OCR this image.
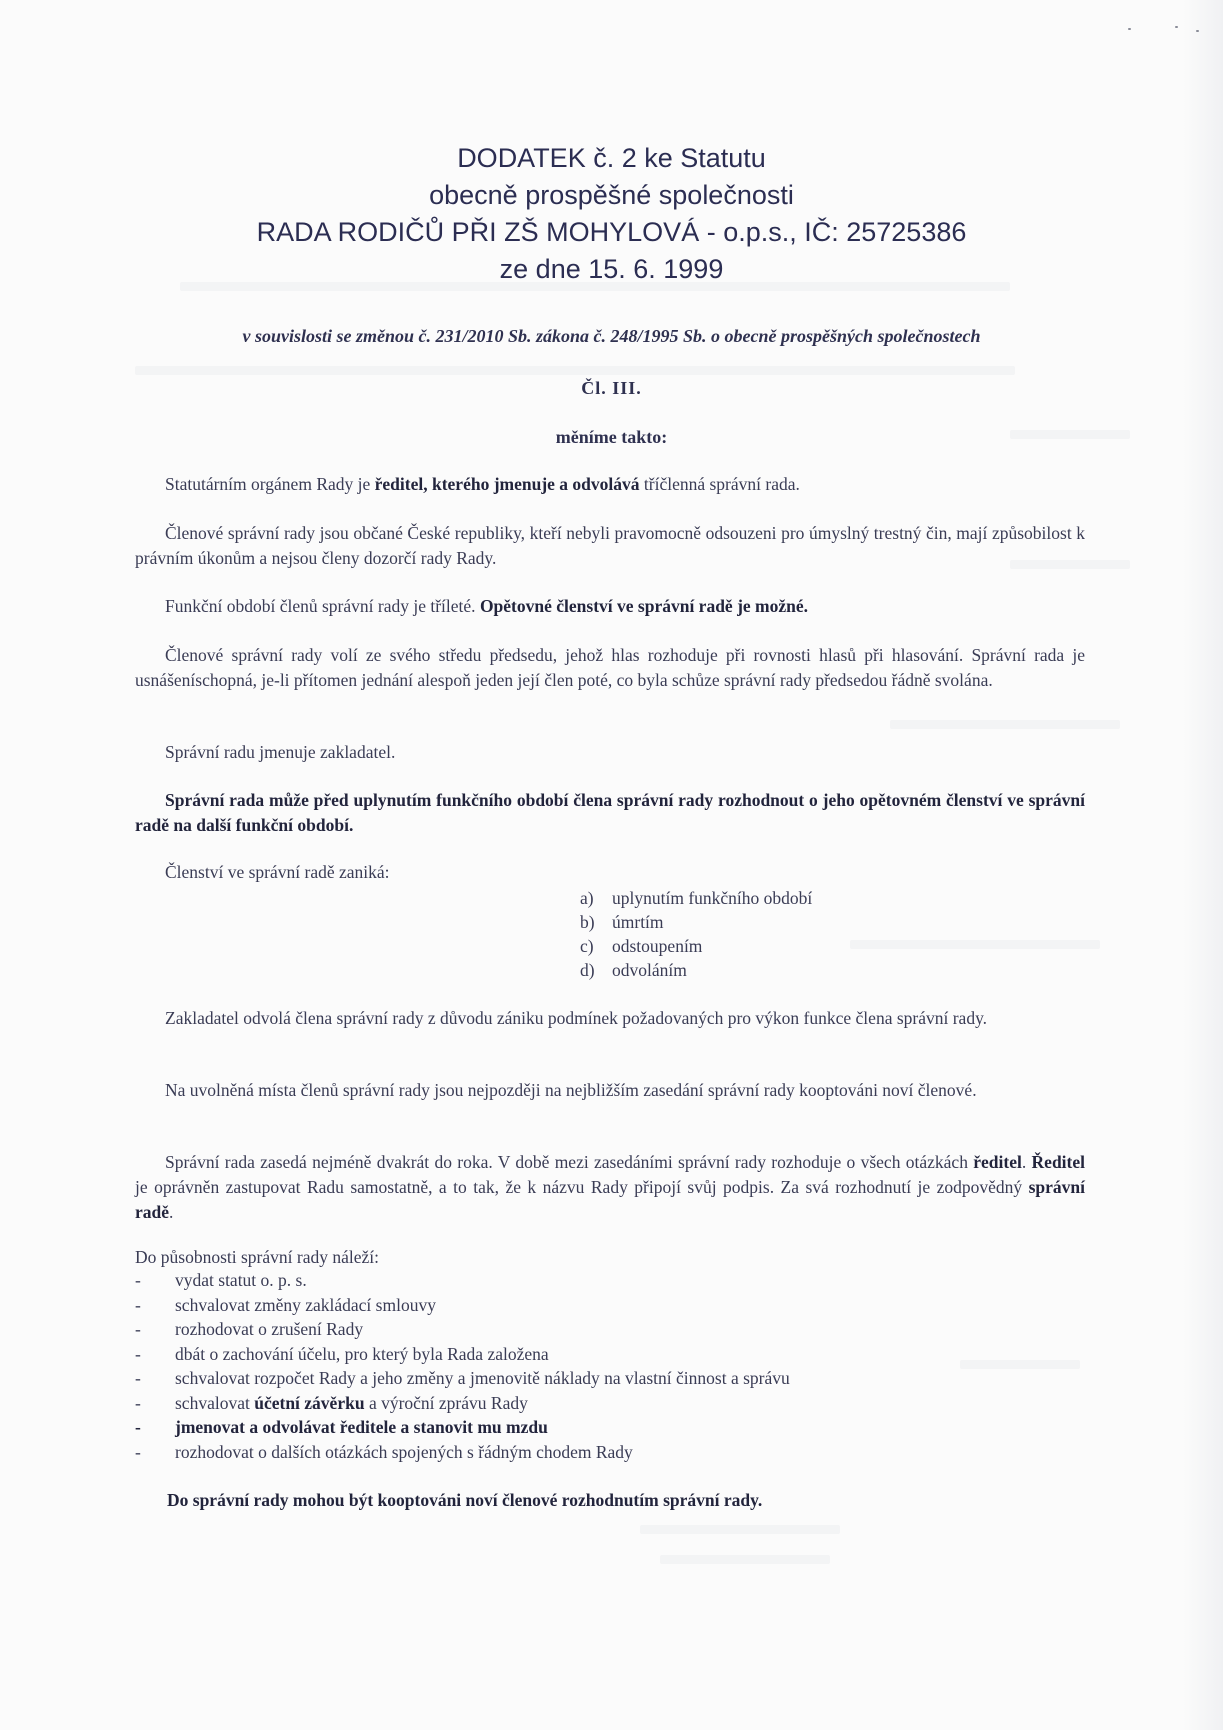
DODATEK č. 2 ke Statutu
obecně prospěšné společnosti
RADA RODIČŮ PŘI ZŠ MOHYLOVÁ - o.p.s., IČ: 25725386
ze dne 15. 6. 1999
v souvislosti se změnou č. 231/2010 Sb. zákona č. 248/1995 Sb. o obecně prospěšných společnostech
Čl. III.
měníme takto:
Statutárním orgánem Rady je ředitel, kterého jmenuje a odvolává tříčlenná správní rada.
Členové správní rady jsou občané České republiky, kteří nebyli pravomocně odsouzeni pro úmyslný trestný čin, mají způsobilost k právním úkonům a nejsou členy dozorčí rady Rady.
Funkční období členů správní rady je tříleté. Opětovné členství ve správní radě je možné.
Členové správní rady volí ze svého středu předsedu, jehož hlas rozhoduje při rovnosti hlasů při hlasování. Správní rada je usnášeníschopná, je-li přítomen jednání alespoň jeden její člen poté, co byla schůze správní rady předsedou řádně svolána.
Správní radu jmenuje zakladatel.
Správní rada může před uplynutím funkčního období člena správní rady rozhodnout o jeho opětovném členství ve správní radě na další funkční období.
Členství ve správní radě zaniká:
a)	uplynutím funkčního období
b) úmrtím
c)	odstoupením
d) odvoláním
Zakladatel odvolá člena správní rady z důvodu zániku podmínek požadovaných pro výkon funkce člena správní rady.
Na uvolněná místa členů správní rady jsou nejpozději na nejbližším zasedání správní rady kooptováni noví členové.
Správní rada zasedá nejméně dvakrát do roka. V době mezi zasedáními správní rady rozhoduje o všech otázkách ředitel. Ředitel je oprávněn zastupovat Radu samostatně, a to tak, že k názvu Rady připojí svůj podpis. Za svá rozhodnutí je zodpovědný správní radě.
Do působnosti správní rady náleží:
-	vydat statut o. p. s.
-	schvalovat změny zakládací smlouvy
-	rozhodovat o zrušení Rady
-	dbát o zachování účelu, pro který byla Rada založena
-	schvalovat rozpočet Rady a jeho změny a jmenovitě náklady na vlastní činnost a správu
-	schvalovat účetní závěrku a výroční zprávu Rady
-	jmenovat a odvolávat ředitele a stanovit mu mzdu
-	rozhodovat o dalších otázkách spojených s řádným chodem Rady
Do správní rady mohou být kooptováni noví členové rozhodnutím správní rady.
